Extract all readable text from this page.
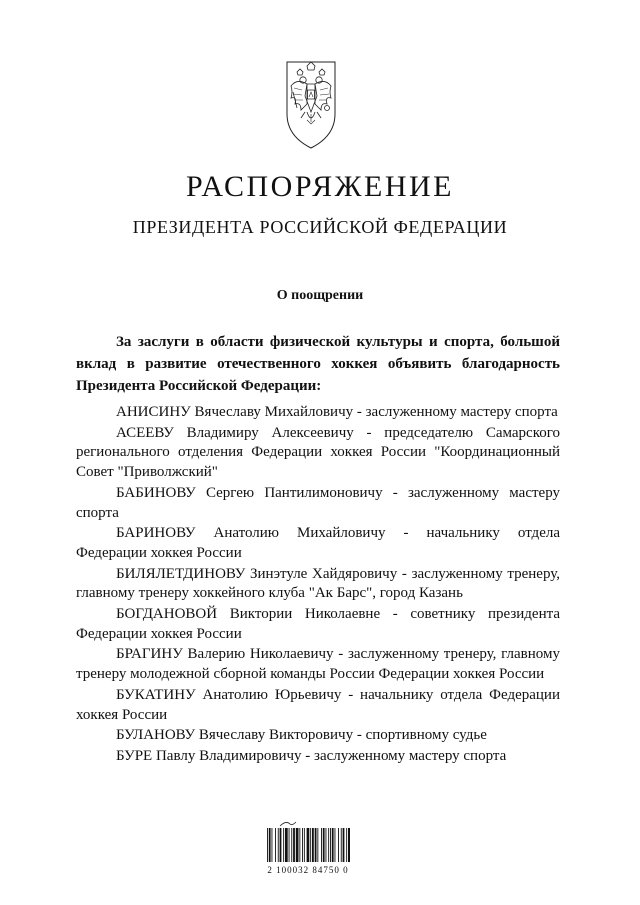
РАСПОРЯЖЕНИЕ
ПРЕЗИДЕНТА РОССИЙСКОЙ ФЕДЕРАЦИИ
О поощрении
За заслуги в области физической культуры и спорта, большой вклад в развитие отечественного хоккея объявить благодарность Президента Российской Федерации:

АНИСИНУ Вячеславу Михайловичу - заслуженному мастеру спорта

АСЕЕВУ Владимиру Алексеевичу - председателю Самарского регионального отделения Федерации хоккея России "Координационный Совет "Приволжский"

БАБИНОВУ Сергею Пантилимоновичу - заслуженному мастеру спорта

БАРИНОВУ Анатолию Михайловичу - начальнику отдела Федерации хоккея России

БИЛЯЛЕТДИНОВУ Зинэтуле Хайдяровичу - заслуженному тренеру, главному тренеру хоккейного клуба "Ак Барс", город Казань

БОГДАНОВОЙ Виктории Николаевне - советнику президента Федерации хоккея России

БРАГИНУ Валерию Николаевичу - заслуженному тренеру, главному тренеру молодежной сборной команды России Федерации хоккея России

БУКАТИНУ Анатолию Юрьевичу - начальнику отдела Федерации хоккея России

БУЛАНОВУ Вячеславу Викторовичу - спортивному судье

БУРЕ Павлу Владимировичу - заслуженному мастеру спорта

2 100032 84750 0
